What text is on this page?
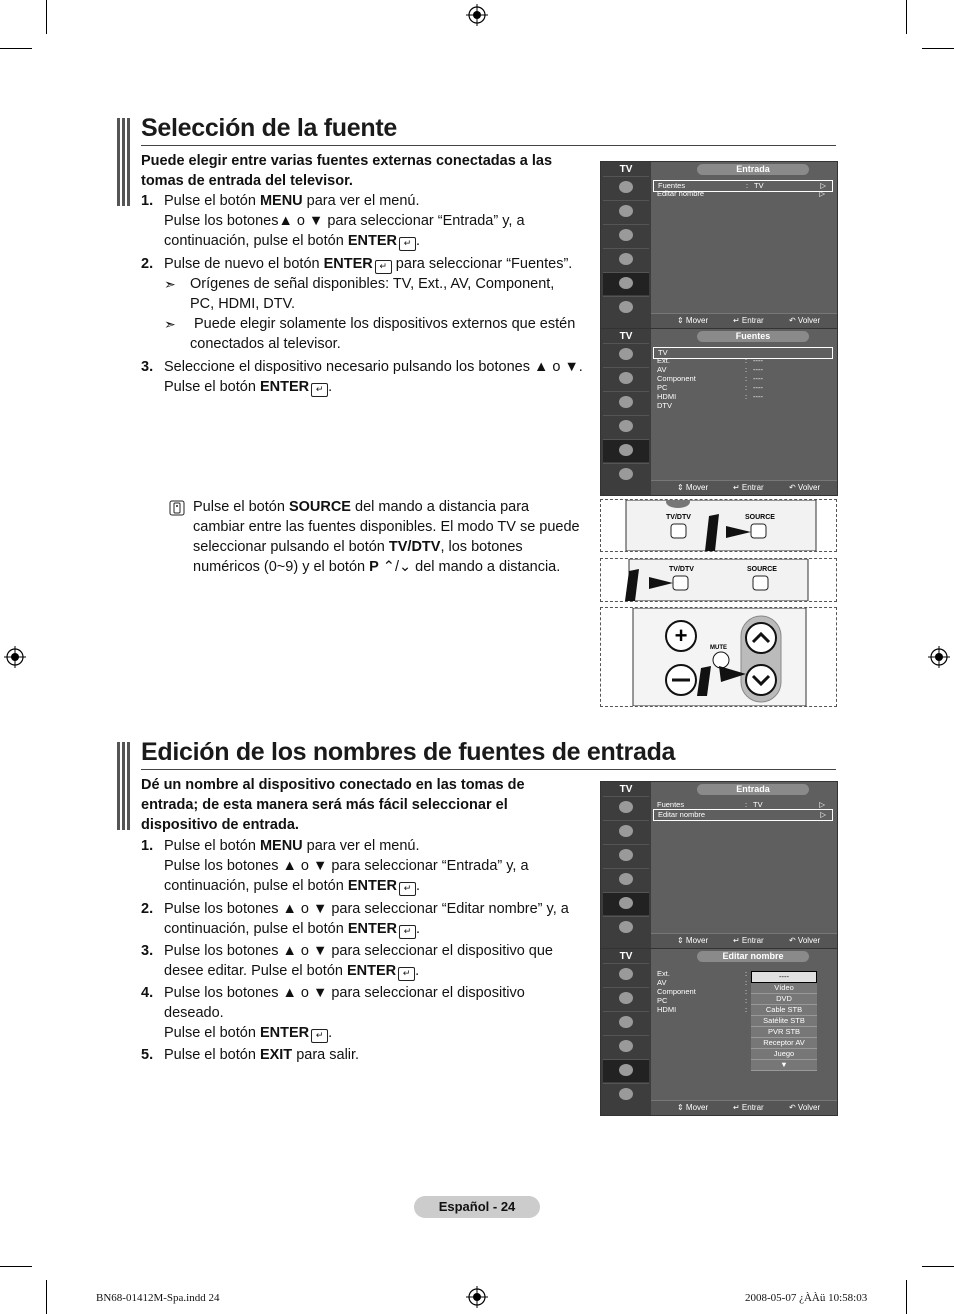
Selección de la fuente
Puede elegir entre varias fuentes externas conectadas a las
tomas de entrada del televisor.
1. Pulse el botón MENU para ver el menú.
Pulse los botones▲ o ▼ para seleccionar “Entrada” y, a
continuación, pulse el botón ENTER ↵ .
2. Pulse de nuevo el botón ENTER ↵ para seleccionar “Fuentes”.
3. Seleccione el dispositivo necesario pulsando los botones ▲ o ▼.
Pulse el botón ENTER ↵ .
➣ Orígenes de señal disponibles: TV, Ext., AV, Component,
PC, HDMI, DTV.
➣ Puede elegir solamente los dispositivos externos que estén
conectados al televisor.
Pulse el botón SOURCE del mando a distancia para
cambiar entre las fuentes disponibles. El modo TV se puede
seleccionar pulsando el botón TV/DTV, los botones
numéricos (0~9) y el botón P ⌃/⌄ del mando a distancia.
TV	Entrada
Fuentes	: TV	▷
Editar nombre	▷
⇕ Mover	↵ Entrar	↶ Volver
TV	Fuentes
TV
Ext.	: ----
AV	: ----
Component	: ----
PC	: ----
HDMI	: ----
DTV
⇕ Mover	↵ Entrar	↶ Volver
TV/DTV	SOURCE
TV/DTV	SOURCE
+	MUTE
Edición de los nombres de fuentes de entrada
Dé un nombre al dispositivo conectado en las tomas de
entrada; de esta manera será más fácil seleccionar el
dispositivo de entrada.
1. Pulse el botón MENU para ver el menú.
Pulse los botones ▲ o ▼ para seleccionar “Entrada” y, a
continuación, pulse el botón ENTER ↵ .
2. Pulse los botones ▲ o ▼ para seleccionar “Editar nombre” y, a
continuación, pulse el botón ENTER ↵ .
3. Pulse los botones ▲ o ▼ para seleccionar el dispositivo que
desee editar. Pulse el botón ENTER ↵ .
4. Pulse los botones ▲ o ▼ para seleccionar el dispositivo
deseado.
Pulse el botón ENTER ↵ .
5. Pulse el botón EXIT para salir.
TV	Entrada
Fuentes	: TV	▷
Editar nombre	▷
⇕ Mover	↵ Entrar	↶ Volver
TV	Editar nombre
Ext.	:
AV	:
Component	:
PC	:
HDMI	:
----
Vídeo
DVD
Cable STB
Satélite STB
PVR STB
Receptor AV
Juego
▼
⇕ Mover	↵ Entrar	↶ Volver
Español - 24
BN68-01412M-Spa.indd 24	2008-05-07 ¿ÀÀü 10:58:03
